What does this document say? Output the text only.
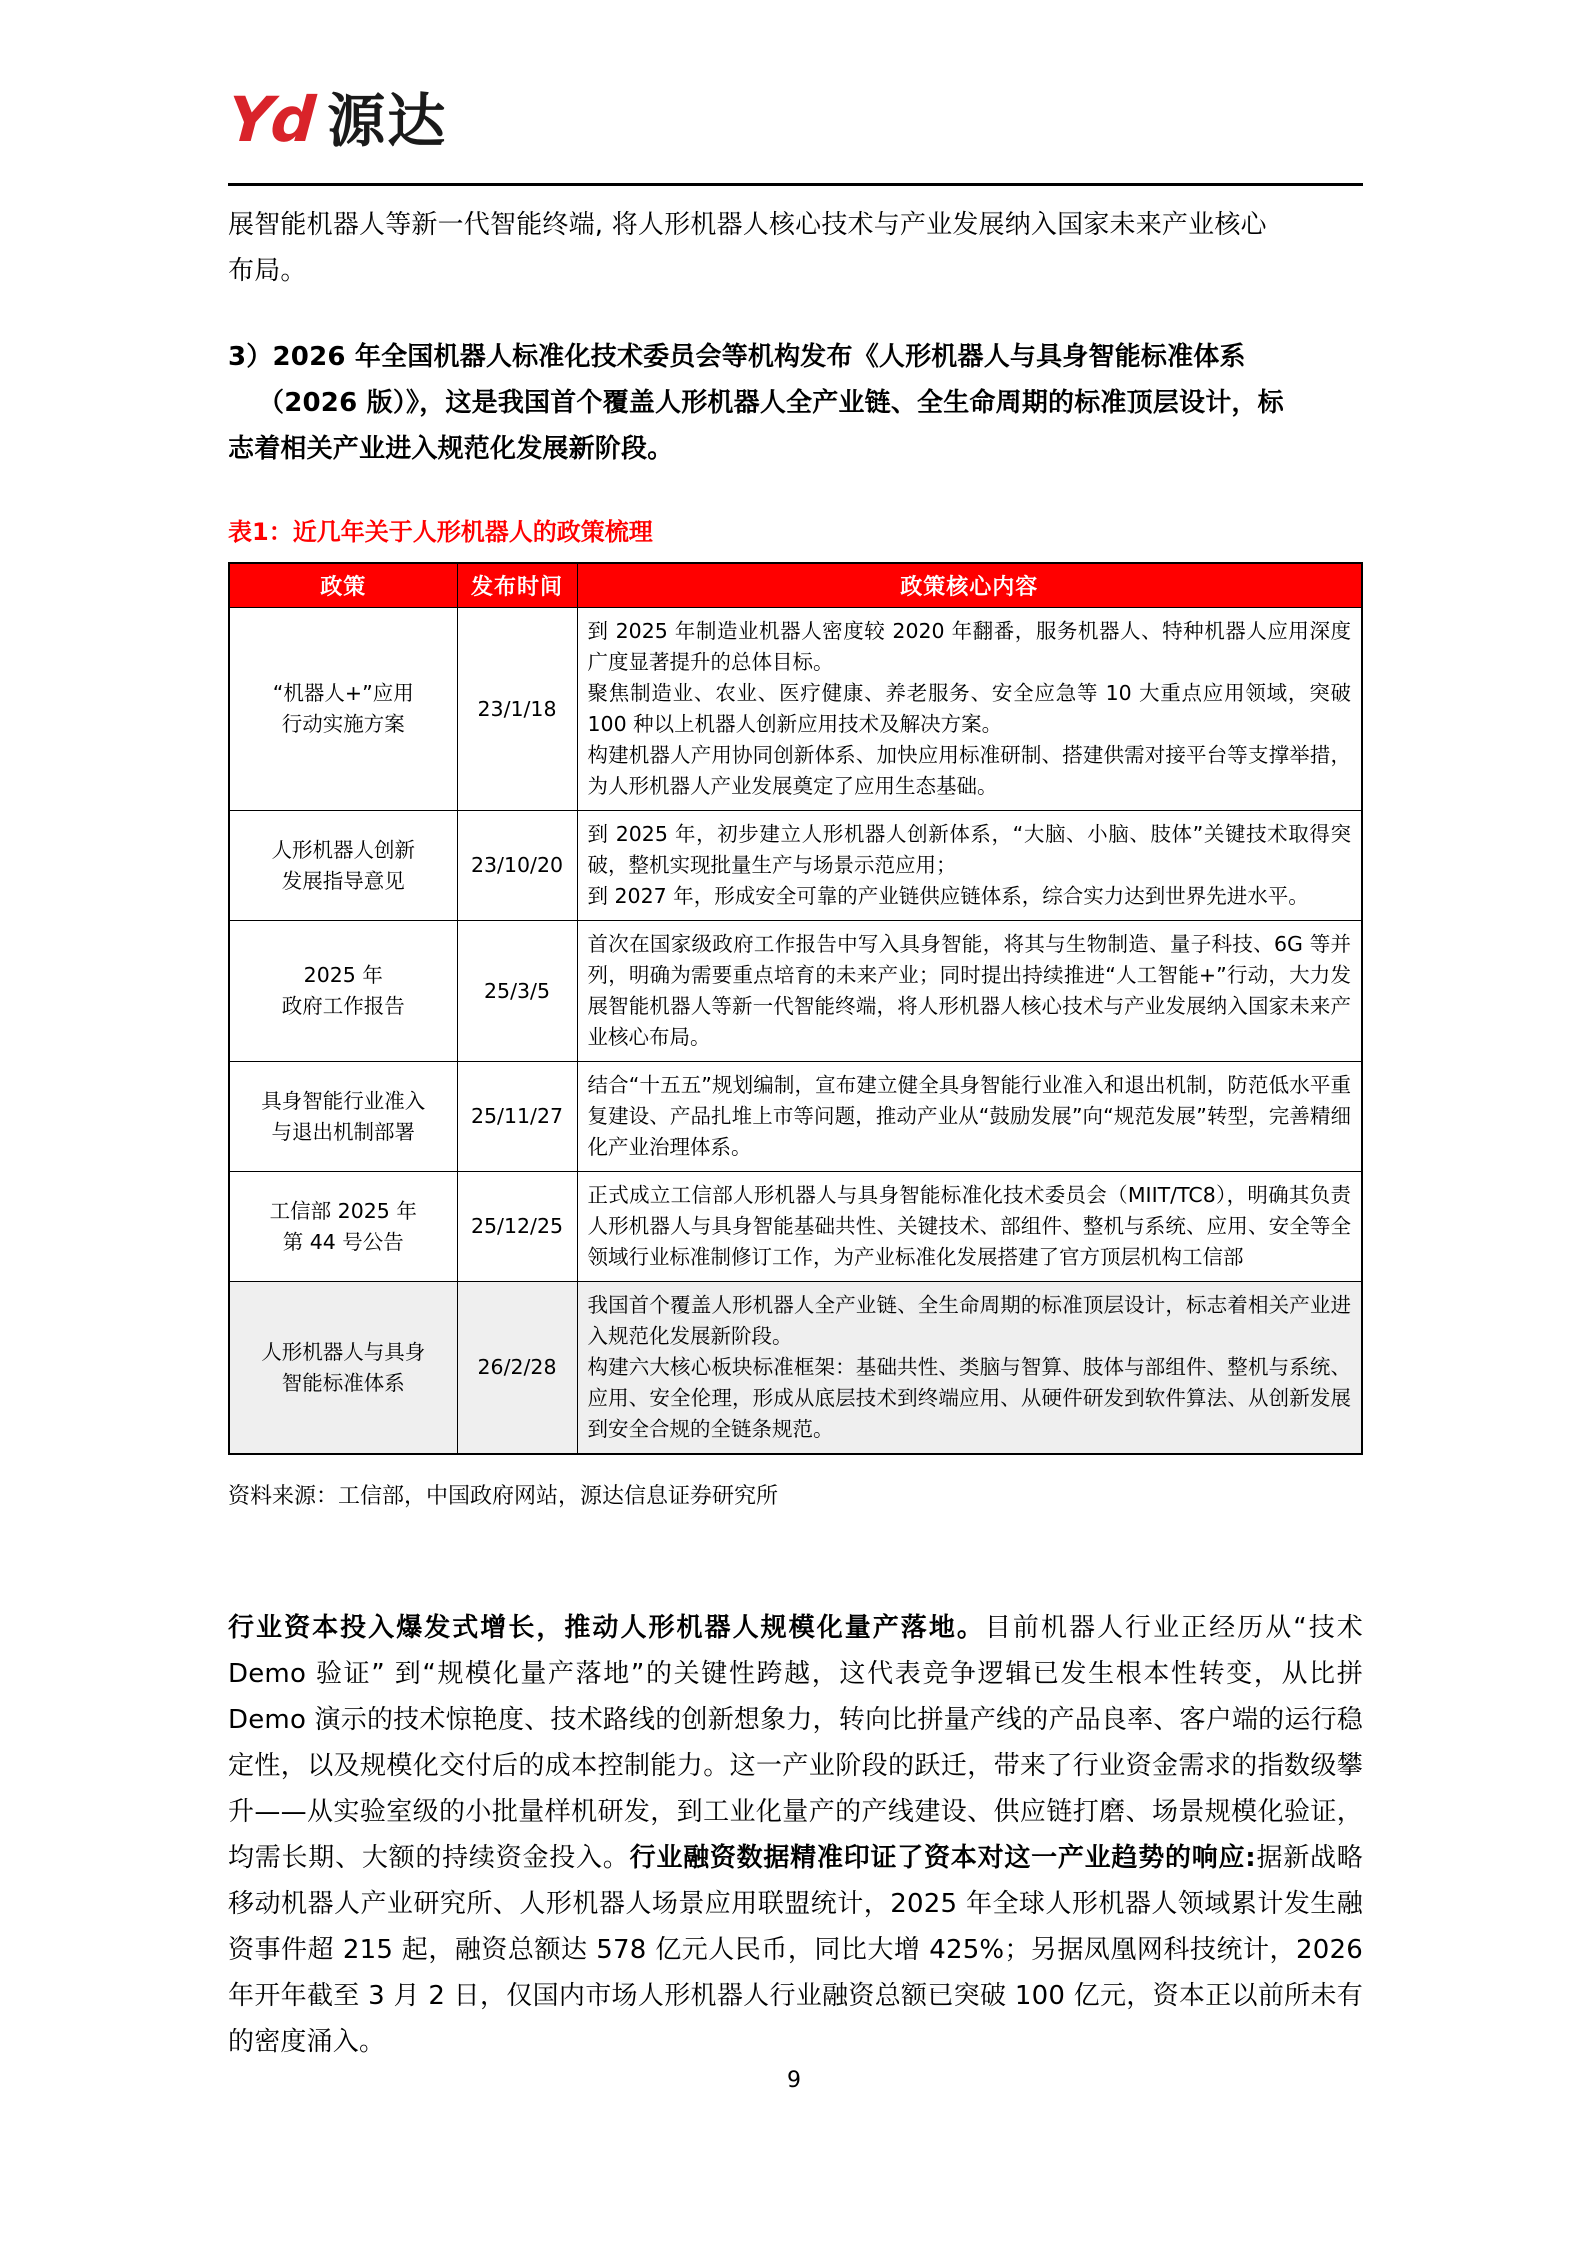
Yd 源达

展智能机器人等新一代智能终端, 将人形机器人核心技术与产业发展纳入国家未来产业核心
布局。

3）2026 年全国机器人标准化技术委员会等机构发布《人形机器人与具身智能标准体系

（2026 版）》，这是我国首个覆盖人形机器人全产业链、全生命周期的标准顶层设计，标
志着相关产业进入规范化发展新阶段。

表1：近几年关于人形机器人的政策梳理
政策	发布时间	政策核心内容
“机器人+”应用
行动实施方案	23/1/18	到 2025 年制造业机器人密度较 2020 年翻番，服务机器人、特种机器人应用深度广度显著提升的总体目标。
聚焦制造业、农业、医疗健康、养老服务、安全应急等 10 大重点应用领域，突破 100 种以上机器人创新应用技术及解决方案。
构建机器人产用协同创新体系、加快应用标准研制、搭建供需对接平台等支撑举措，为人形机器人产业发展奠定了应用生态基础。

人形机器人创新
发展指导意见	23/10/20	到 2025 年，初步建立人形机器人创新体系，“大脑、小脑、肢体”关键技术取得突破，整机实现批量生产与场景示范应用；
到 2027 年，形成安全可靠的产业链供应链体系，综合实力达到世界先进水平。

2025 年
政府工作报告	25/3/5	首次在国家级政府工作报告中写入具身智能，将其与生物制造、量子科技、6G 等并列，明确为需要重点培育的未来产业；同时提出持续推进“人工智能+”行动，大力发展智能机器人等新一代智能终端，将人形机器人核心技术与产业发展纳入国家未来产业核心布局。

具身智能行业准入
与退出机制部署	25/11/27	结合“十五五”规划编制，宣布建立健全具身智能行业准入和退出机制，防范低水平重复建设、产品扎堆上市等问题，推动产业从“鼓励发展”向“规范发展”转型，完善精细化产业治理体系。

工信部 2025 年
第 44 号公告	25/12/25	正式成立工信部人形机器人与具身智能标准化技术委员会（MIIT/TC8），明确其负责人形机器人与具身智能基础共性、关键技术、部组件、整机与系统、应用、安全等全领域行业标准制修订工作，为产业标准化发展搭建了官方顶层机构工信部

人形机器人与具身
智能标准体系	26/2/28	我国首个覆盖人形机器人全产业链、全生命周期的标准顶层设计，标志着相关产业进入规范化发展新阶段。
构建六大核心板块标准框架：基础共性、类脑与智算、肢体与部组件、整机与系统、应用、安全伦理，形成从底层技术到终端应用、从硬件研发到软件算法、从创新发展到安全合规的全链条规范。
资料来源：工信部，中国政府网站，源达信息证券研究所

行业资本投入爆发式增长，推动人形机器人规模化量产落地。目前机器人行业正经历从“技术 Demo 验证” 到“规模化量产落地”的关键性跨越，这代表竞争逻辑已发生根本性转变，从比拼 Demo 演示的技术惊艳度、技术路线的创新想象力，转向比拼量产线的产品良率、客户端的运行稳定性，以及规模化交付后的成本控制能力。这一产业阶段的跃迁，带来了行业资金需求的指数级攀升——从实验室级的小批量样机研发，到工业化量产的产线建设、供应链打磨、场景规模化验证，均需长期、大额的持续资金投入。行业融资数据精准印证了资本对这一产业趋势的响应:据新战略移动机器人产业研究所、人形机器人场景应用联盟统计，2025 年全球人形机器人领域累计发生融资事件超 215 起，融资总额达 578 亿元人民币，同比大增 425%；另据凤凰网科技统计，2026 年开年截至 3 月 2 日，仅国内市场人形机器人行业融资总额已突破 100 亿元，资本正以前所未有的密度涌入。

9
